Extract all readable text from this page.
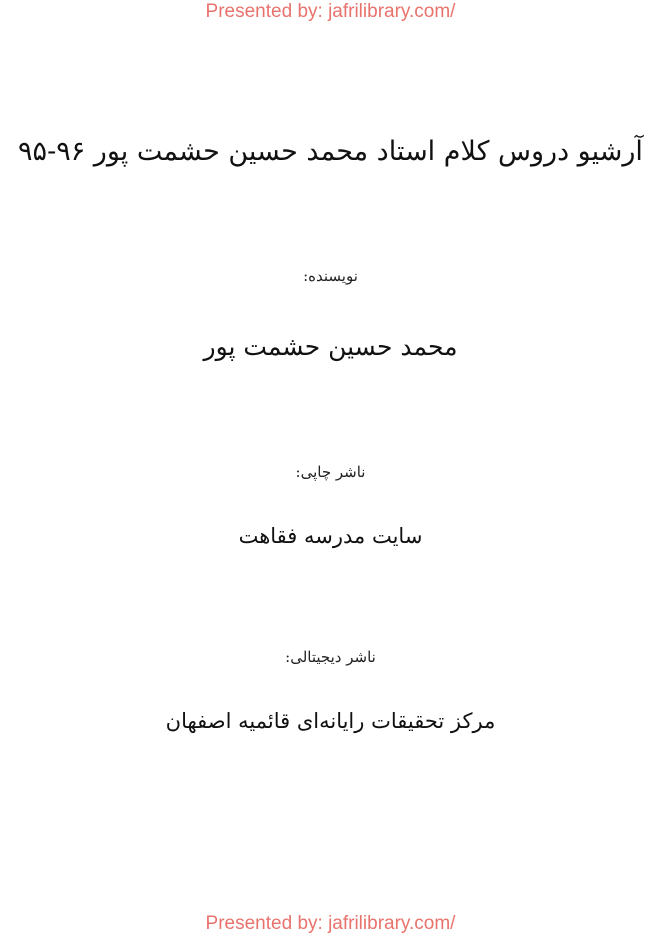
Presented by: jafrilibrary.com/
آرشیو دروس کلام استاد محمد حسین حشمت پور ۹۶-۹۵
نویسنده:
محمد حسین حشمت پور
ناشر چاپی:
سایت مدرسه فقاهت
ناشر دیجیتالی:
مرکز تحقیقات رایانه‌ای قائمیه اصفهان
Presented by: jafrilibrary.com/
